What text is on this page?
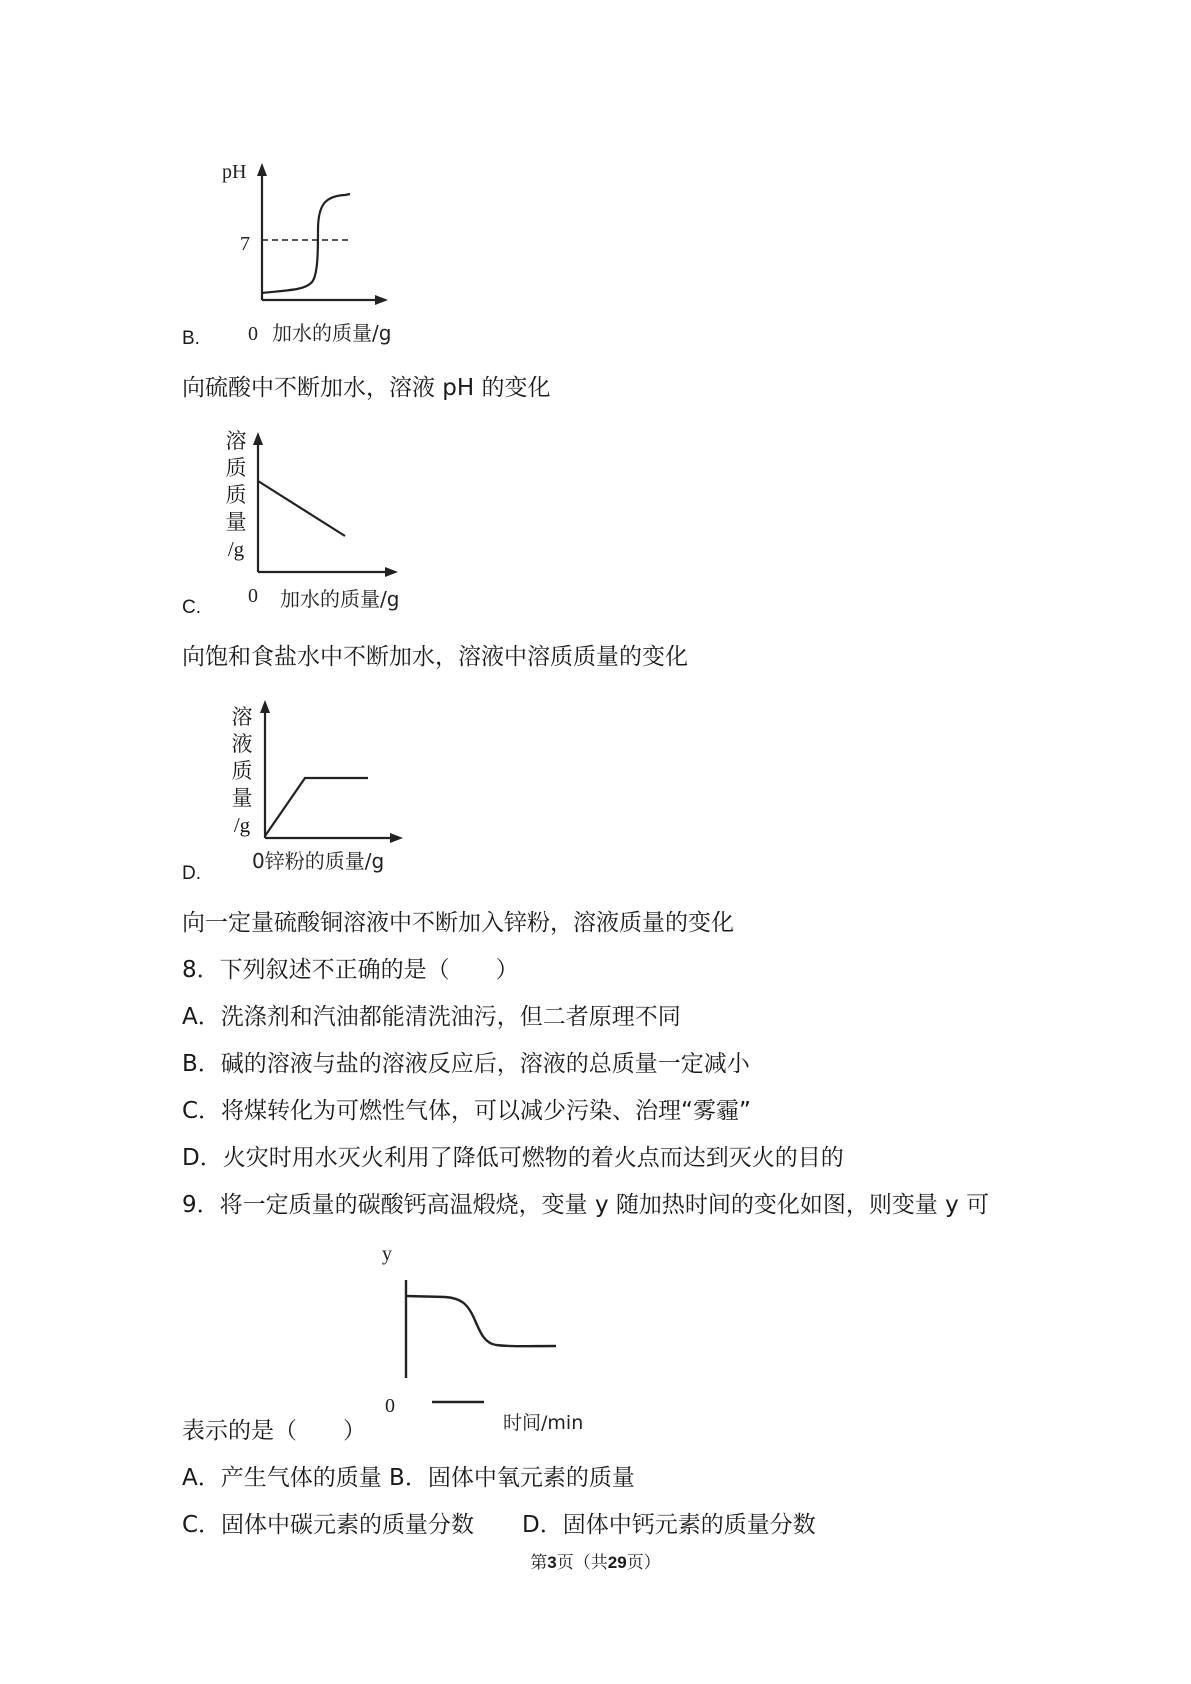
pH
7
0 加水的质量/g
B.
向硫酸中不断加水，溶液 pH 的变化
0 加水的质量/g
溶
质
质
量
/g
C.
向饱和食盐水中不断加水，溶液中溶质质量的变化
0锌粉的质量/g
溶
液
质
量
/g
D.
向一定量硫酸铜溶液中不断加入锌粉，溶液质量的变化
8．下列叙述不正确的是（　　）
A．洗涤剂和汽油都能清洗油污，但二者原理不同
B．碱的溶液与盐的溶液反应后，溶液的总质量一定减小
C．将煤转化为可燃性气体，可以减少污染、治理“雾霾”
D．火灾时用水灭火利用了降低可燃物的着火点而达到灭火的目的
9．将一定质量的碳酸钙高温煅烧，变量 y 随加热时间的变化如图，则变量 y 可
y
0
时间/min
表示的是（　　）
A．产生气体的质量 B．固体中氧元素的质量
C．固体中碳元素的质量分数 D．固体中钙元素的质量分数
第3页（共29页）
